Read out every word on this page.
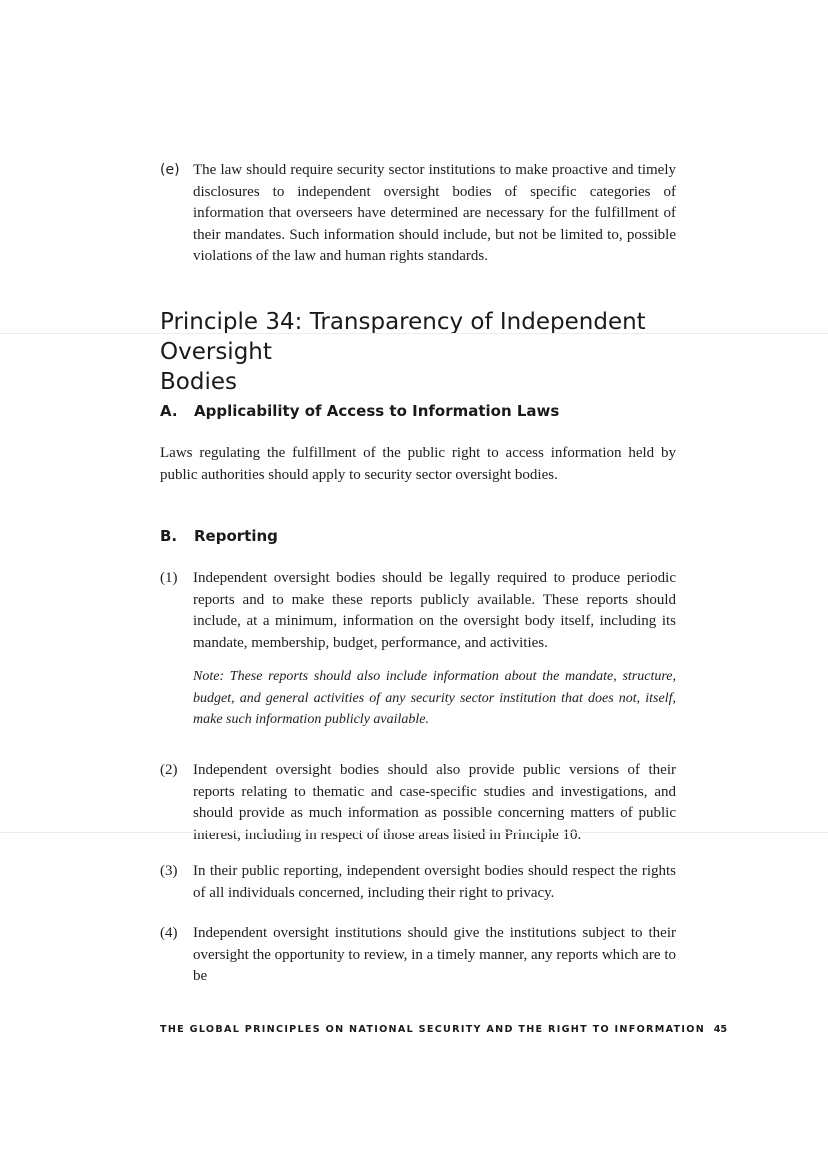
(e) The law should require security sector institutions to make proactive and timely disclosures to independent oversight bodies of specific categories of information that overseers have determined are necessary for the fulfillment of their mandates. Such information should include, but not be limited to, possible violations of the law and human rights standards.
Principle 34: Transparency of Independent Oversight
Bodies
A.	Applicability of Access to Information Laws

Laws regulating the fulfillment of the public right to access information held by public authorities should apply to security sector oversight bodies.

B.	Reporting
(1)	Independent oversight bodies should be legally required to produce periodic reports and to make these reports publicly available. These reports should include, at a minimum, information on the oversight body itself, including its mandate, membership, budget, performance, and activities.
Note: These reports should also include information about the mandate, structure, budget, and general activities of any security sector institution that does not, itself, make such information publicly available.
(2)	Independent oversight bodies should also provide public versions of their reports relating to thematic and case-specific studies and investigations, and should provide as much information as possible concerning matters of public interest, including in respect of those areas listed in Principle 10.
(3)	In their public reporting, independent oversight bodies should respect the rights of all individuals concerned, including their right to privacy.
(4)	Independent oversight institutions should give the institutions subject to their oversight the opportunity to review, in a timely manner, any reports which are to be
THE GLOBAL PRINCIPLES ON NATIONAL SECURITY AND THE RIGHT TO INFORMATION 45
